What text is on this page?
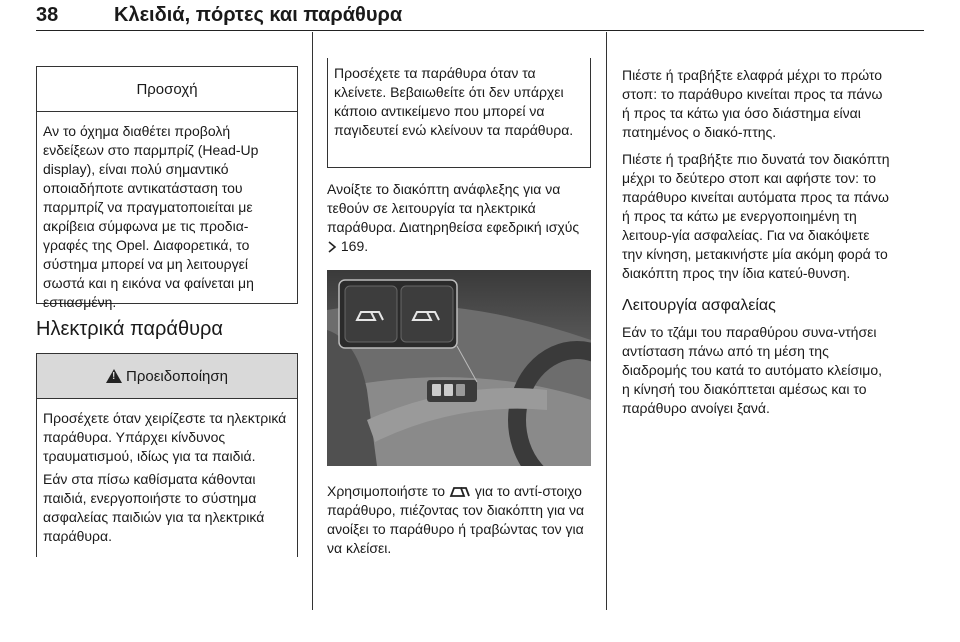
38	Κλειδιά, πόρτες και παράθυρα
Προσοχή

Αν το όχημα διαθέτει προβολή ενδείξεων στο παρμπρίζ (Head-Up display), είναι πολύ σημαντικό οποιαδήποτε αντικατάσταση του παρμπρίζ να πραγματοποιείται με ακρίβεια σύμφωνα με τις προδια-γραφές της Opel. Διαφορετικά, το σύστημα μπορεί να μη λειτουργεί σωστά και η εικόνα να φαίνεται μη εστιασμένη.

Ηλεκτρικά παράθυρα
!
Προειδοποίηση

Προσέχετε όταν χειρίζεστε τα ηλεκτρικά παράθυρα. Υπάρχει κίνδυνος τραυματισμού, ιδίως για τα παιδιά.

Εάν στα πίσω καθίσματα κάθονται παιδιά, ενεργοποιήστε το σύστημα ασφαλείας παιδιών για τα ηλεκτρικά παράθυρα.

Προσέχετε τα παράθυρα όταν τα κλείνετε. Βεβαιωθείτε ότι δεν υπάρχει κάποιο αντικείμενο που μπορεί να παγιδευτεί ενώ κλείνουν τα παράθυρα.

Ανοίξτε το διακόπτη ανάφλεξης για να τεθούν σε λειτουργία τα ηλεκτρικά παράθυρα. Διατηρηθείσα εφεδρική ισχύς  169.

Χρησιμοποιήστε το για το αντί-στοιχο παράθυρο, πιέζοντας τον διακόπτη για να ανοίξει το παράθυρο ή τραβώντας τον για να κλείσει.

Πιέστε ή τραβήξτε ελαφρά μέχρι το πρώτο στοπ: το παράθυρο κινείται προς τα πάνω ή προς τα κάτω για όσο διάστημα είναι πατημένος ο διακό-πτης.

Πιέστε ή τραβήξτε πιο δυνατά τον διακόπτη μέχρι το δεύτερο στοπ και αφήστε τον: το παράθυρο κινείται αυτόματα προς τα πάνω ή προς τα κάτω με ενεργοποιημένη τη λειτουρ-γία ασφαλείας. Για να διακόψετε την κίνηση, μετακινήστε μία ακόμη φορά το διακόπτη προς την ίδια κατεύ-θυνση.

Λειτουργία ασφαλείας

Εάν το τζάμι του παραθύρου συνα-ντήσει αντίσταση πάνω από τη μέση της διαδρομής του κατά το αυτόματο κλείσιμο, η κίνησή του διακόπτεται αμέσως και το παράθυρο ανοίγει ξανά.
